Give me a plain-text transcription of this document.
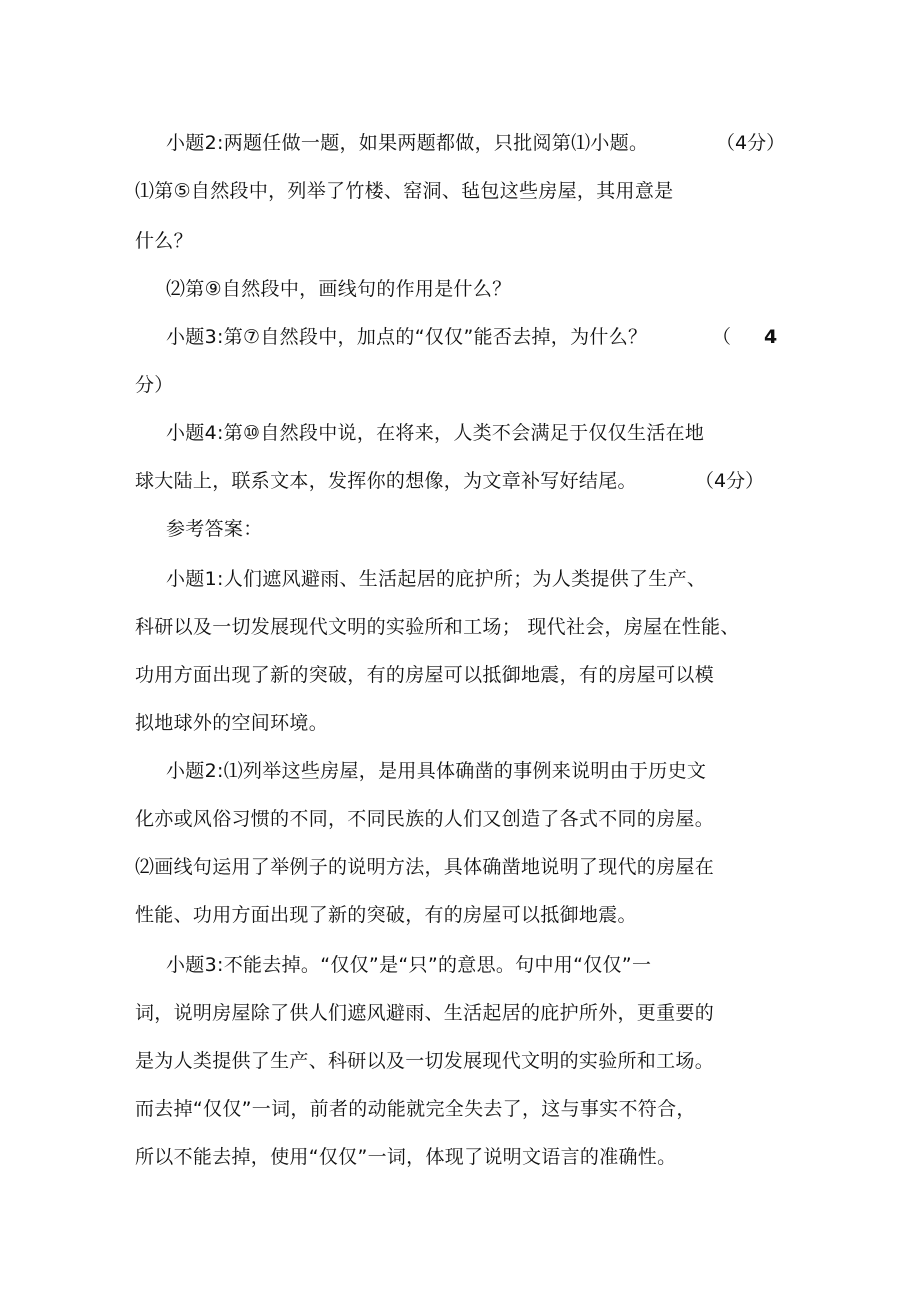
小题2:两题任做一题，如果两题都做，只批阅第⑴小题。	（4分）

⑴第⑤自然段中，列举了竹楼、窑洞、毡包这些房屋，其用意是

什么？

⑵第⑨自然段中，画线句的作用是什么？

小题3:第⑦自然段中，加点的“仅仅”能否去掉，为什么？	（ 4

分）

小题4:第⑩自然段中说，在将来，人类不会满足于仅仅生活在地

球大陆上，联系文本，发挥你的想像，为文章补写好结尾。	（4分）

参考答案：

小题1:人们遮风避雨、生活起居的庇护所；为人类提供了生产、

科研以及一切发展现代文明的实验所和工场； 现代社会，房屋在性能、

功用方面出现了新的突破，有的房屋可以抵御地震，有的房屋可以模

拟地球外的空间环境。

小题2:⑴列举这些房屋，是用具体确凿的事例来说明由于历史文

化亦或风俗习惯的不同，不同民族的人们又创造了各式不同的房屋。

⑵画线句运用了举例子的说明方法，具体确凿地说明了现代的房屋在

性能、功用方面出现了新的突破，有的房屋可以抵御地震。

小题3:不能去掉。“仅仅”是“只”的意思。句中用“仅仅”一

词，说明房屋除了供人们遮风避雨、生活起居的庇护所外，更重要的

是为人类提供了生产、科研以及一切发展现代文明的实验所和工场。

而去掉“仅仅”一词，前者的动能就完全失去了，这与事实不符合，

所以不能去掉，使用“仅仅”一词，体现了说明文语言的准确性。
